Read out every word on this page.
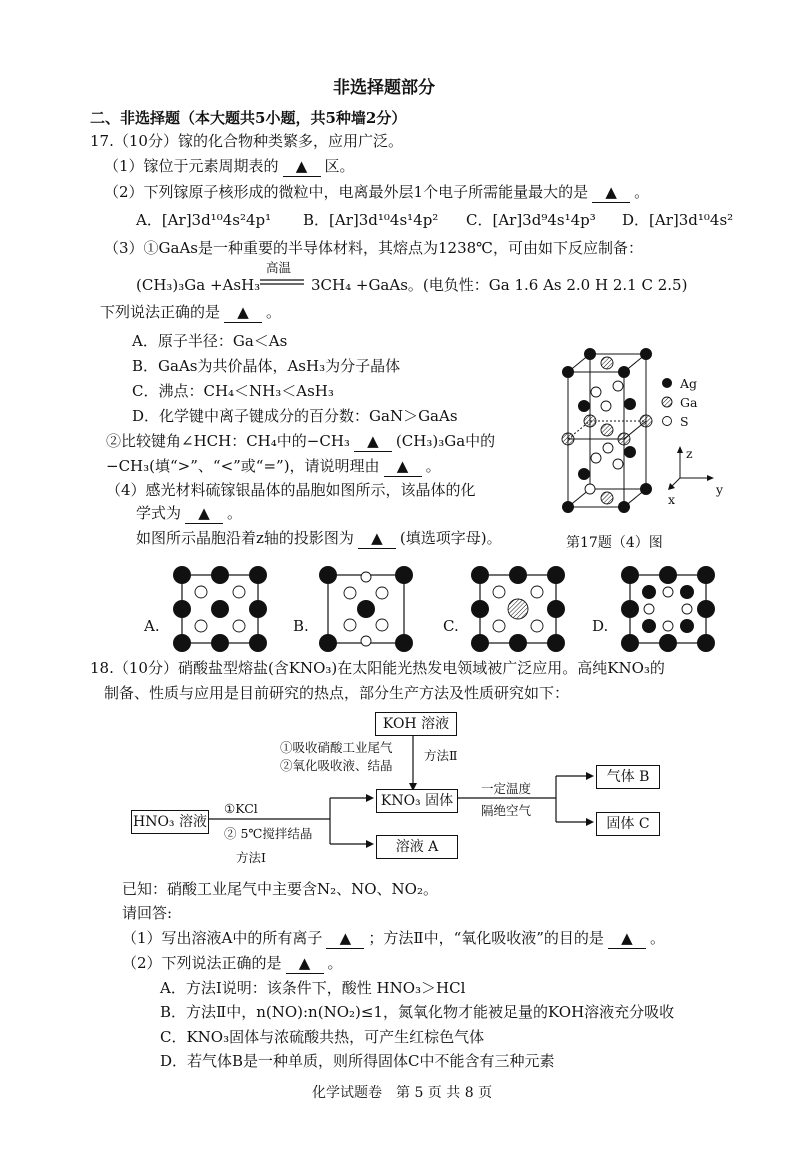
非选择题部分
二、非选择题（本大题共5小题，共5种墙2分）
17.（10分）镓的化合物种类繁多，应用广泛。
（1）镓位于元素周期表的 ▲ 区。
（2）下列镓原子核形成的微粒中，电离最外层1个电子所需能量最大的是 ▲ 。
A．[Ar]3d¹⁰4s²4p¹ B．[Ar]3d¹⁰4s¹4p² C．[Ar]3d⁹4s¹4p³ D．[Ar]3d¹⁰4s²
（3）①GaAs是一种重要的半导体材料，其熔点为1238℃，可由如下反应制备：
(CH₃)₃Ga +AsH₃
高温
3CH₄ +GaAs。(电负性：Ga 1.6 As 2.0 H 2.1 C 2.5)
下列说法正确的是 ▲ 。
A．原子半径：Ga＜As
B．GaAs为共价晶体，AsH₃为分子晶体
C．沸点：CH₄＜NH₃＜AsH₃
D．化学键中离子键成分的百分数：GaN＞GaAs
②比较键角∠HCH：CH₄中的−CH₃ ▲ (CH₃)₃Ga中的
−CH₃(填“>”、“<”或“=”)，请说明理由 ▲ 。
（4）感光材料硫镓银晶体的晶胞如图所示，该晶体的化
学式为 ▲ 。
如图所示晶胞沿着z轴的投影图为 ▲ (填选项字母)。
z
y
x
Ag
Ga
S
第17题（4）图
A.	B.	C.	D.
18.（10分）硝酸盐型熔盐(含KNO₃)在太阳能光热发电领域被广泛应用。高纯KNO₃的
制备、性质与应用是目前研究的热点，部分生产方法及性质研究如下：
KOH 溶液
①吸收硝酸工业尾气
②氧化吸收液、结晶
方法Ⅱ
HNO₃ 溶液
①KCl
② 5℃搅拌结晶
方法Ⅰ
KNO₃ 固体
溶液 A
一定温度
隔绝空气
气体 B
固体 C
已知：硝酸工业尾气中主要含N₂、NO、NO₂。
请回答:
（1）写出溶液A中的所有离子 ▲ ；方法Ⅱ中，“氧化吸收液”的目的是 ▲ 。
（2）下列说法正确的是 ▲ 。
A．方法Ⅰ说明：该条件下，酸性 HNO₃＞HCl
B．方法Ⅱ中，n(NO):n(NO₂)≤1，氮氧化物才能被足量的KOH溶液充分吸收
C．KNO₃固体与浓硫酸共热，可产生红棕色气体
D．若气体B是一种单质，则所得固体C中不能含有三种元素
化学试题卷　第 5 页 共 8 页
